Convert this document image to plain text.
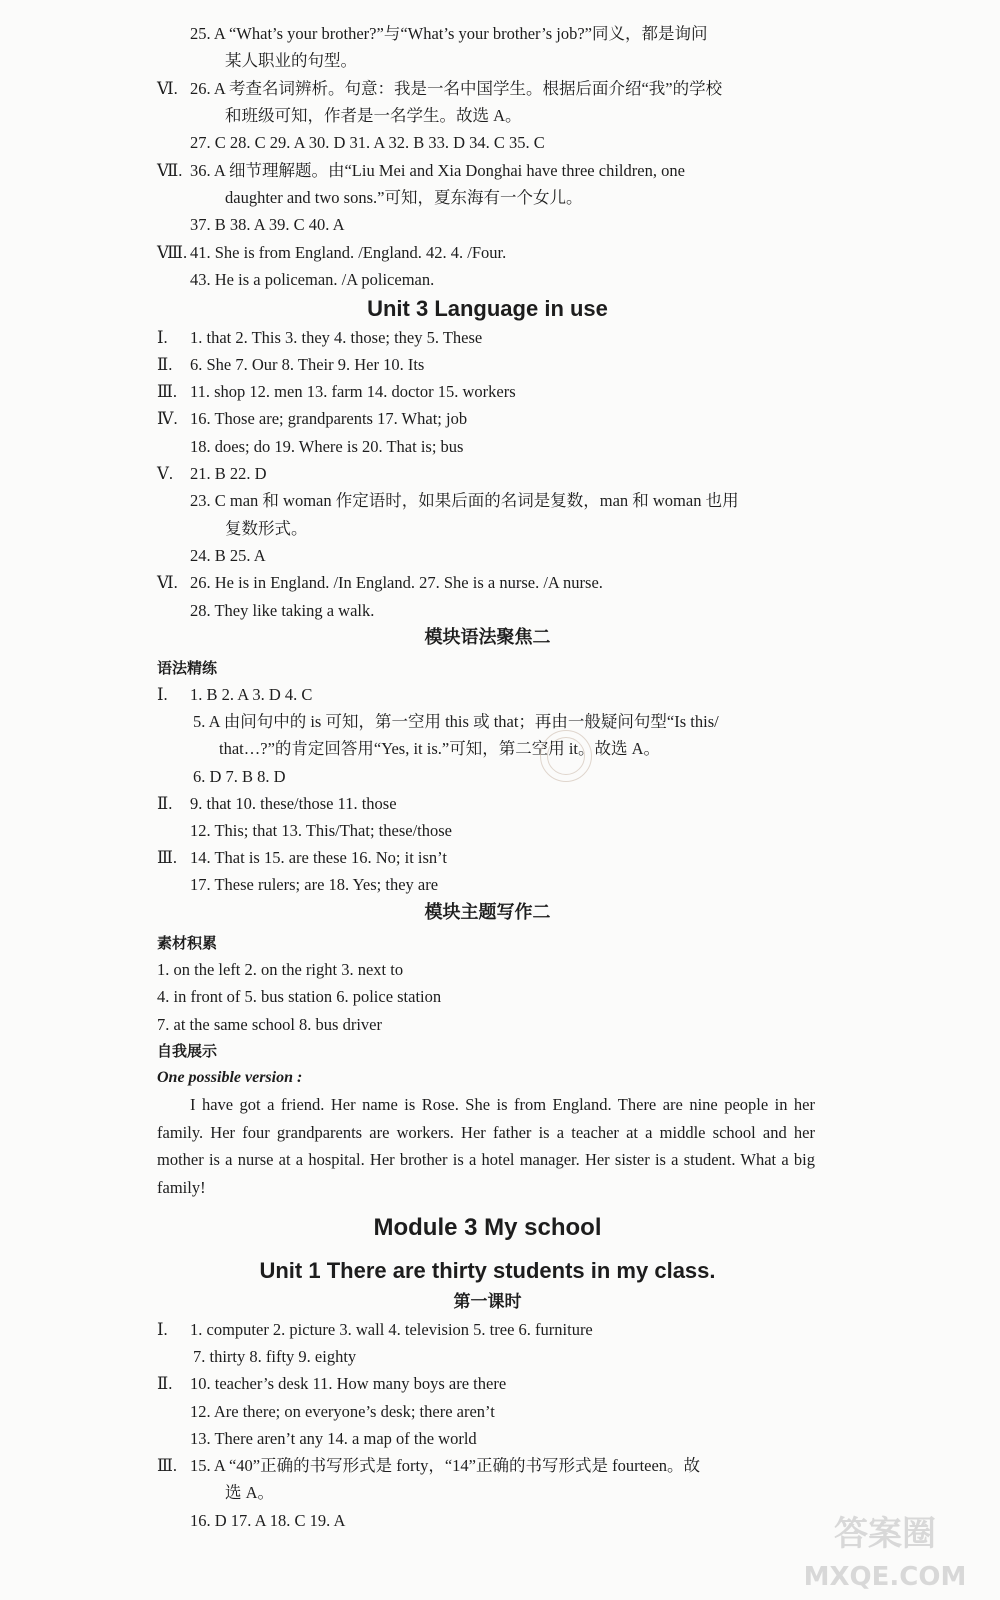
25. A “What’s your brother?”与“What’s your brother’s job?”同义，都是询问
某人职业的句型。
Ⅵ. 26. A 考查名词辨析。句意：我是一名中国学生。根据后面介绍“我”的学校
和班级可知，作者是一名学生。故选 A。
27. C 28. C 29. A 30. D 31. A 32. B 33. D 34. C 35. C
Ⅶ. 36. A 细节理解题。由“Liu Mei and Xia Donghai have three children, one
daughter and two sons.”可知，夏东海有一个女儿。
37. B 38. A 39. C 40. A
Ⅷ. 41. She is from England. /England. 42. 4. /Four.
43. He is a policeman. /A policeman.
Unit 3 Language in use
Ⅰ. 1. that 2. This 3. they 4. those; they 5. These
Ⅱ. 6. She 7. Our 8. Their 9. Her 10. Its
Ⅲ. 11. shop 12. men 13. farm 14. doctor 15. workers
Ⅳ. 16. Those are; grandparents 17. What; job
18. does; do 19. Where is 20. That is; bus
Ⅴ. 21. B 22. D
23. C man 和 woman 作定语时，如果后面的名词是复数，man 和 woman 也用
复数形式。
24. B 25. A
Ⅵ. 26. He is in England. /In England. 27. She is a nurse. /A nurse.
28. They like taking a walk.
模块语法聚焦二
语法精练
Ⅰ. 1. B 2. A 3. D 4. C
5. A 由问句中的 is 可知，第一空用 this 或 that；再由一般疑问句型“Is this/
that…?”的肯定回答用“Yes, it is.”可知，第二空用 it。故选 A。
6. D 7. B 8. D
Ⅱ. 9. that 10. these/those 11. those
12. This; that 13. This/That; these/those
Ⅲ. 14. That is 15. are these 16. No; it isn’t
17. These rulers; are 18. Yes; they are
模块主题写作二
素材积累
1. on the left 2. on the right 3. next to
4. in front of 5. bus station 6. police station
7. at the same school 8. bus driver
自我展示
One possible version :
I have got a friend. Her name is Rose. She is from England. There are nine people in her family. Her four grandparents are workers. Her father is a teacher at a middle school and her mother is a nurse at a hospital. Her brother is a hotel manager. Her sister is a student. What a big family!
Module 3 My school
Unit 1 There are thirty students in my class.
第一课时
Ⅰ. 1. computer 2. picture 3. wall 4. television 5. tree 6. furniture
7. thirty 8. fifty 9. eighty
Ⅱ. 10. teacher’s desk 11. How many boys are there
12. Are there; on everyone’s desk; there aren’t
13. There aren’t any 14. a map of the world
Ⅲ. 15. A “40”正确的书写形式是 forty，“14”正确的书写形式是 fourteen。故
选 A。
16. D 17. A 18. C 19. A	答案圈
MXQE.COM
